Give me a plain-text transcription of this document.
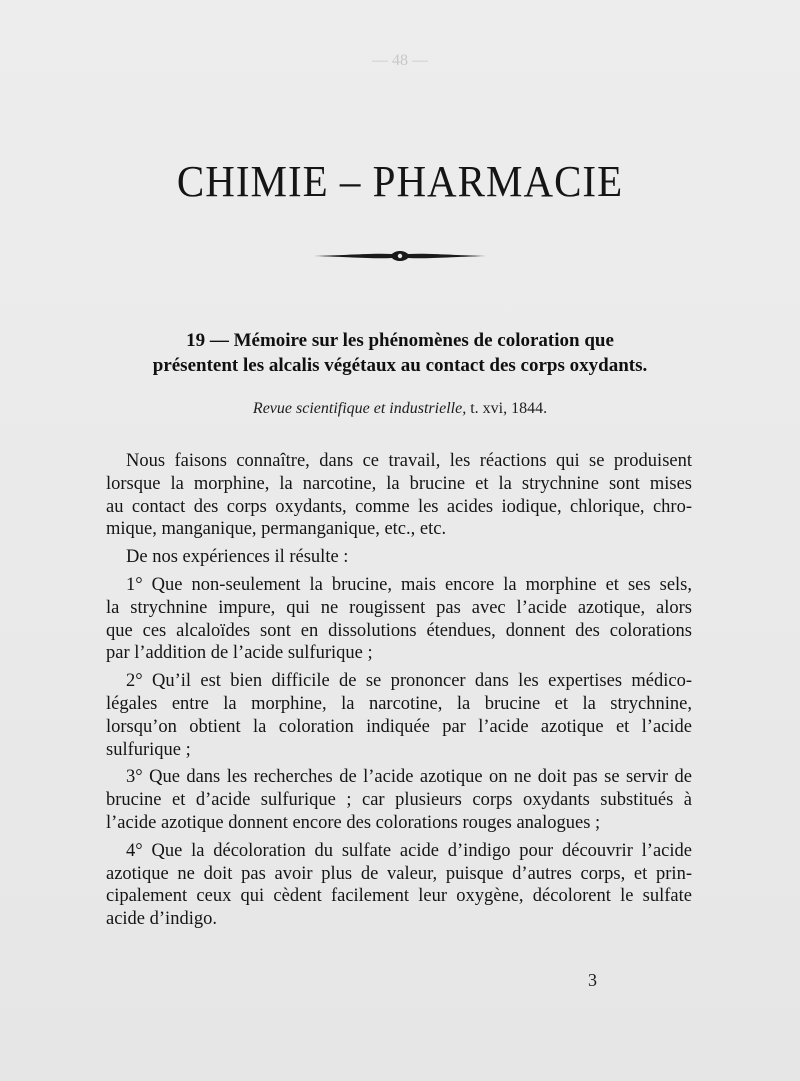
— 48 —
CHIMIE – PHARMACIE
19 — Mémoire sur les phénomènes de coloration que
présentent les alcalis végétaux au contact des corps oxydants.
Revue scientifique et industrielle, t. xvi, 1844.
Nous faisons connaître, dans ce travail, les réactions qui se produisent
lorsque la morphine, la narcotine, la brucine et la strychnine sont mises
au contact des corps oxydants, comme les acides iodique, chlorique, chro-
mique, manganique, permanganique, etc., etc.
De nos expériences il résulte :
1° Que non-seulement la brucine, mais encore la morphine et ses sels,
la strychnine impure, qui ne rougissent pas avec l’acide azotique, alors
que ces alcaloïdes sont en dissolutions étendues, donnent des colorations
par l’addition de l’acide sulfurique ;
2° Qu’il est bien difficile de se prononcer dans les expertises médico-
légales entre la morphine, la narcotine, la brucine et la strychnine,
lorsqu’on obtient la coloration indiquée par l’acide azotique et l’acide
sulfurique ;
3° Que dans les recherches de l’acide azotique on ne doit pas se servir de
brucine et d’acide sulfurique ; car plusieurs corps oxydants substitués à
l’acide azotique donnent encore des colorations rouges analogues ;
4° Que la décoloration du sulfate acide d’indigo pour découvrir l’acide
azotique ne doit pas avoir plus de valeur, puisque d’autres corps, et prin-
cipalement ceux qui cèdent facilement leur oxygène, décolorent le sulfate
acide d’indigo.
3
